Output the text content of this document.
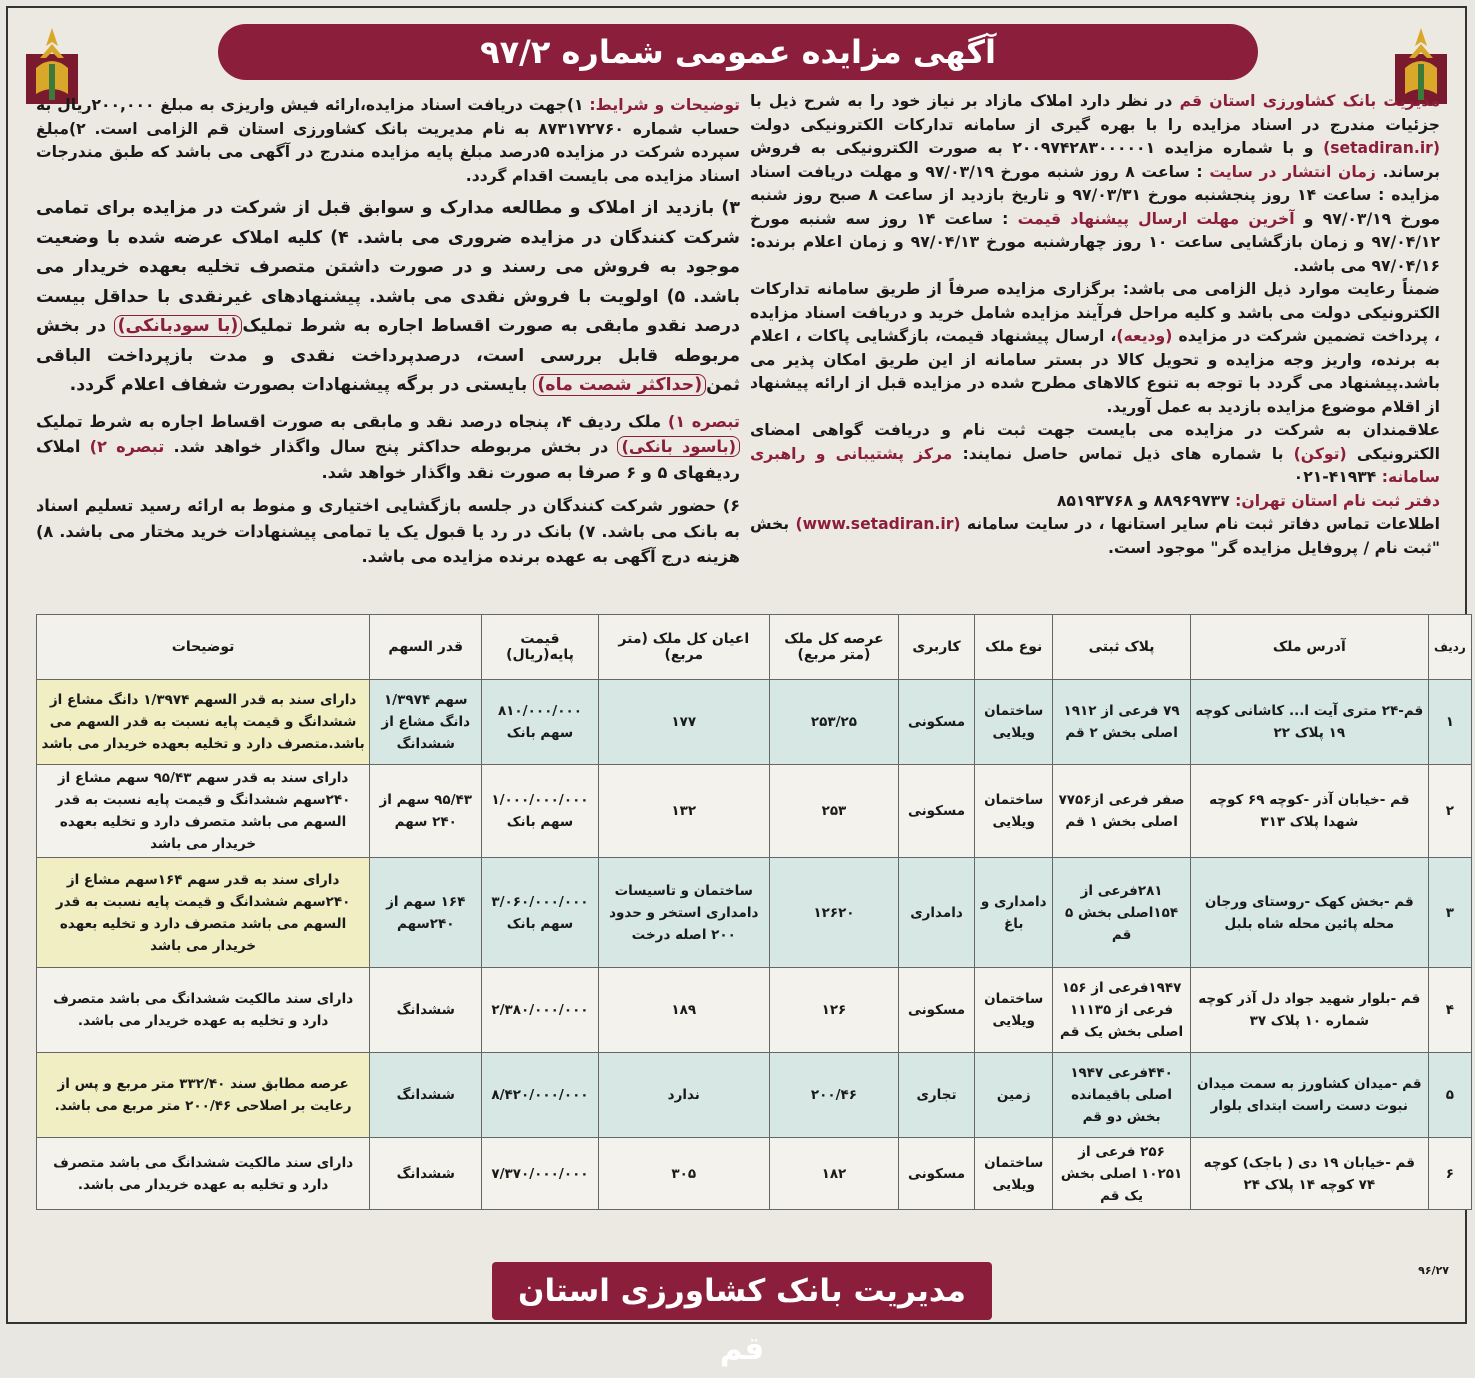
آگهی مزایده عمومی شماره ۹۷/۲

مدیریت بانک کشاورزی استان قم در نظر دارد املاک مازاد بر نیاز خود را به شرح ذیل با جزئیات مندرج در اسناد مزایده را با بهره گیری از سامانه تدارکات الکترونیکی دولت (setadiran.ir) و با شماره مزایده ۲۰۰۹۷۴۲۸۳۰۰۰۰۰۱ به صورت الکترونیکی به فروش برساند. زمان انتشار در سایت : ساعت ۸ روز شنبه مورخ ۹۷/۰۳/۱۹ و مهلت دریافت اسناد مزایده : ساعت ۱۴ روز پنجشنبه مورخ ۹۷/۰۳/۳۱ و تاریخ بازدید از ساعت ۸ صبح روز شنبه مورخ ۹۷/۰۳/۱۹ و آخرین مهلت ارسال پیشنهاد قیمت : ساعت ۱۴ روز سه شنبه مورخ ۹۷/۰۴/۱۲ و زمان بازگشایی ساعت ۱۰ روز چهارشنبه مورخ ۹۷/۰۴/۱۳ و زمان اعلام برنده: ۹۷/۰۴/۱۶ می باشد.

ضمناً رعایت موارد ذیل الزامی می باشد: برگزاری مزایده صرفاً از طریق سامانه تدارکات الکترونیکی دولت می باشد و کلیه مراحل فرآیند مزایده شامل خرید و دریافت اسناد مزایده ، پرداخت تضمین شرکت در مزایده (ودیعه)، ارسال پیشنهاد قیمت، بازگشایی پاکات ، اعلام به برنده، واریز وجه مزایده و تحویل کالا در بستر سامانه از این طریق امکان پذیر می باشد.پیشنهاد می گردد با توجه به تنوع کالاهای مطرح شده در مزایده قبل از ارائه پیشنهاد از اقلام موضوع مزایده بازدید به عمل آورید.

علاقمندان به شرکت در مزایده می بایست جهت ثبت نام و دریافت گواهی امضای الکترونیکی (توکن) با شماره های ذیل تماس حاصل نمایند: مرکز پشتیبانی و راهبری سامانه: ۴۱۹۳۴-۰۲۱

دفتر ثبت نام استان تهران: ۸۸۹۶۹۷۳۷ و ۸۵۱۹۳۷۶۸

اطلاعات تماس دفاتر ثبت نام سایر استانها ، در سایت سامانه (www.setadiran.ir) بخش "ثبت نام / پروفایل مزایده گر" موجود است.

توضیحات و شرایط: ۱)جهت دریافت اسناد مزایده،ارائه فیش واریزی به مبلغ ۲۰۰,۰۰۰ریال به حساب شماره ۸۷۳۱۷۲۷۶۰ به نام مدیریت بانک کشاورزی استان قم الزامی است. ۲)مبلغ سپرده شرکت در مزایده ۵درصد مبلغ پایه مزایده مندرج در آگهی می باشد که طبق مندرجات اسناد مزایده می بایست اقدام گردد.

۳) بازدید از املاک و مطالعه مدارک و سوابق قبل از شرکت در مزایده برای تمامی شرکت کنندگان در مزایده ضروری می باشد. ۴) کلیه املاک عرضه شده با وضعیت موجود به فروش می رسند و در صورت داشتن متصرف تخلیه بعهده خریدار می باشد. ۵) اولویت با فروش نقدی می باشد. پیشنهادهای غیرنقدی با حداقل بیست درصد نقدو مابقی به صورت اقساط اجاره به شرط تملیک(با سودبانکی) در بخش مربوطه قابل بررسی است، درصدپرداخت نقدی و مدت بازپرداخت الباقی ثمن(حداکثر شصت ماه) بایستی در برگه پیشنهادات بصورت شفاف اعلام گردد.

تبصره ۱) ملک ردیف ۴، پنجاه درصد نقد و مابقی به صورت اقساط اجاره به شرط تملیک (باسود بانکی) در بخش مربوطه حداکثر پنج سال واگذار خواهد شد. تبصره ۲) املاک ردیفهای ۵ و ۶ صرفا به صورت نقد واگذار خواهد شد.

۶) حضور شرکت کنندگان در جلسه بازگشایی اختیاری و منوط به ارائه رسید تسلیم اسناد به بانک می باشد. ۷) بانک در رد یا قبول یک یا تمامی پیشنهادات خرید مختار می باشد. ۸) هزینه درج آگهی به عهده برنده مزایده می باشد.

ردیف	آدرس ملک	پلاک ثبتی	نوع ملک	کاربری	عرصه کل ملک (متر مربع)	اعیان کل ملک (متر مربع)	قیمت پایه(ریال)	قدر السهم	توضیحات
۱	قم-۲۴ متری آیت ا... کاشانی کوچه ۱۹ پلاک ۲۲	۷۹ فرعی از ۱۹۱۲ اصلی بخش ۲ قم	ساختمان ویلایی	مسکونی	۲۵۳/۲۵	۱۷۷	۸۱۰/۰۰۰/۰۰۰ سهم بانک	سهم ۱/۳۹۷۴ دانگ مشاع از ششدانگ	دارای سند به قدر السهم ۱/۳۹۷۴ دانگ مشاع از ششدانگ و قیمت پایه نسبت به قدر السهم می باشد.متصرف دارد و تخلیه بعهده خریدار می باشد
۲	قم -خیابان آذر -کوچه ۶۹ کوچه شهدا پلاک ۳۱۳	صفر فرعی از۷۷۵۶ اصلی بخش ۱ قم	ساختمان ویلایی	مسکونی	۲۵۳	۱۳۲	۱/۰۰۰/۰۰۰/۰۰۰ سهم بانک	۹۵/۴۳ سهم از ۲۴۰ سهم	دارای سند به قدر سهم ۹۵/۴۳ سهم مشاع از ۲۴۰سهم ششدانگ و قیمت پایه نسبت به قدر السهم می باشد متصرف دارد و تخلیه بعهده خریدار می باشد
۳	قم -بخش کهک -روستای ورجان محله پائین محله شاه بلبل	۲۸۱فرعی از ۱۵۴اصلی بخش ۵ قم	دامداری و باغ	دامداری	۱۲۶۲۰	ساختمان و تاسیسات دامداری استخر و حدود ۲۰۰ اصله درخت	۳/۰۶۰/۰۰۰/۰۰۰ سهم بانک	۱۶۴ سهم از ۲۴۰سهم	دارای سند به قدر سهم ۱۶۴سهم مشاع از ۲۴۰سهم ششدانگ و قیمت پایه نسبت به قدر السهم می باشد متصرف دارد و تخلیه بعهده خریدار می باشد
۴	قم -بلوار شهید جواد دل آذر کوچه شماره ۱۰ پلاک ۳۷	۱۹۴۷فرعی از ۱۵۶ فرعی از ۱۱۱۳۵ اصلی بخش یک قم	ساختمان ویلایی	مسکونی	۱۲۶	۱۸۹	۲/۳۸۰/۰۰۰/۰۰۰	ششدانگ	دارای سند مالکیت ششدانگ می باشد متصرف دارد و تخلیه به عهده خریدار می باشد.
۵	قم -میدان کشاورز به سمت میدان نبوت دست راست ابتدای بلوار	۴۴۰فرعی ۱۹۴۷ اصلی باقیمانده بخش دو قم	زمین	تجاری	۲۰۰/۴۶	ندارد	۸/۴۲۰/۰۰۰/۰۰۰	ششدانگ	عرصه مطابق سند ۳۳۲/۴۰ متر مربع و پس از رعایت بر اصلاحی ۲۰۰/۴۶ متر مربع می باشد.
۶	قم -خیابان ۱۹ دی ( باجک) کوچه ۷۴ کوچه ۱۴ پلاک ۲۴	۲۵۶ فرعی از ۱۰۲۵۱ اصلی بخش یک قم	ساختمان ویلایی	مسکونی	۱۸۲	۳۰۵	۷/۳۷۰/۰۰۰/۰۰۰	ششدانگ	دارای سند مالکیت ششدانگ می باشد متصرف دارد و تخلیه به عهده خریدار می باشد.
۹۶/۲۷
مدیریت بانک کشاورزی استان قم
